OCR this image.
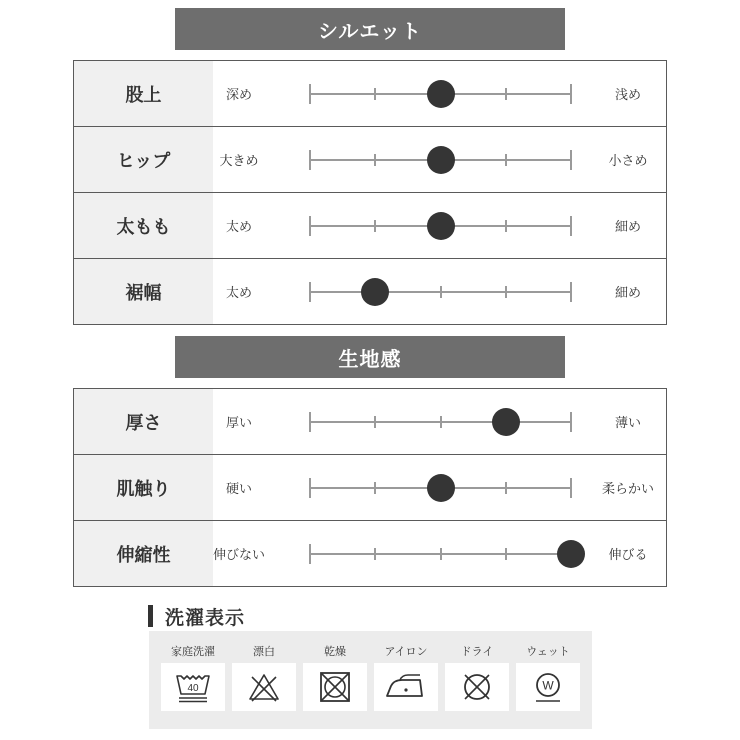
シルエット
股上	深め	浅め
ヒップ	大きめ	小さめ
太もも	太め	細め
裾幅	太め	細め
生地感
厚さ	厚い	薄い
肌触り	硬い	柔らかい
伸縮性	伸びない	伸びる
洗濯表示
家庭洗濯
40
漂白	乾燥	アイロン	ドライ	ウェット
W
